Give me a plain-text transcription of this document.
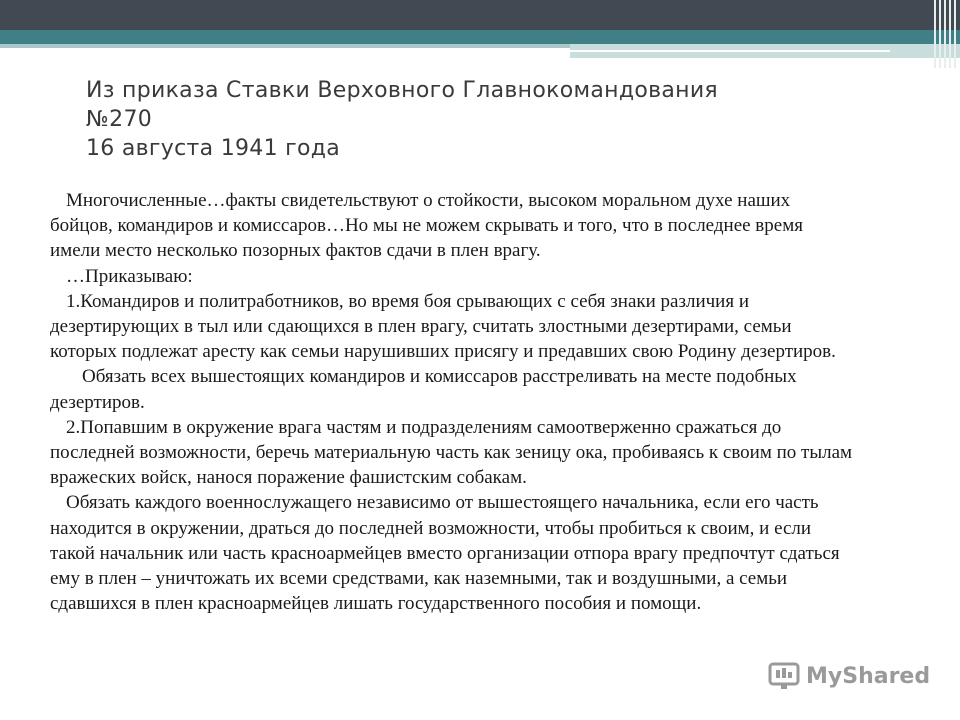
Из приказа Ставки Верховного Главнокомандования
№270
16 августа 1941 года
Многочисленные…факты свидетельствуют о стойкости, высоком моральном духе наших
бойцов, командиров и комиссаров…Но мы не можем скрывать и того, что в последнее время
имели место несколько позорных фактов сдачи в плен врагу.
…Приказываю:
1.Командиров и политработников, во время боя срывающих с себя знаки различия и
дезертирующих в тыл или сдающихся в плен врагу, считать злостными дезертирами, семьи
которых подлежат аресту как семьи нарушивших присягу и предавших свою Родину дезертиров.
Обязать всех вышестоящих командиров и комиссаров расстреливать на месте подобных
дезертиров.
2.Попавшим в окружение врага частям и подразделениям самоотверженно сражаться до
последней возможности, беречь материальную часть как зеницу ока, пробиваясь к своим по тылам
вражеских войск, нанося поражение фашистским собакам.
Обязать каждого военнослужащего независимо от вышестоящего начальника, если его часть
находится в окружении, драться до последней возможности, чтобы пробиться к своим, и если
такой начальник или часть красноармейцев вместо организации отпора врагу предпочтут сдаться
ему в плен – уничтожать их всеми средствами, как наземными, так и воздушными, а семьи
сдавшихся в плен красноармейцев лишать государственного пособия и помощи.
MyShared
